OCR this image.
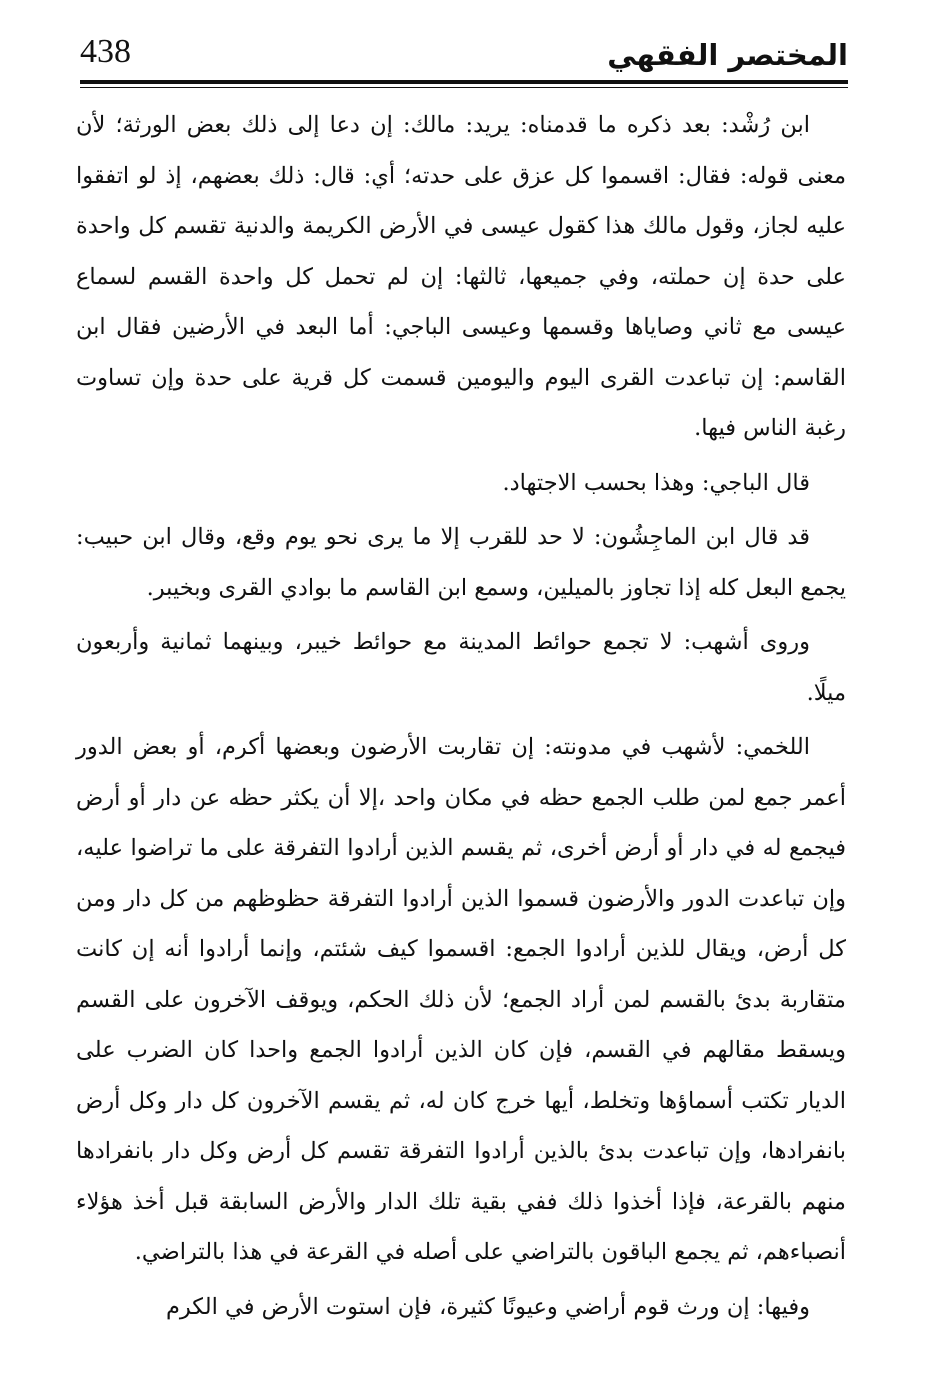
438	المختصر الفقهي

ابن رُشْد: بعد ذكره ما قدمناه: يريد: مالك: إن دعا إلى ذلك بعض الورثة؛ لأن معنى قوله: فقال: اقسموا كل عزق على حدته؛ أي: قال: ذلك بعضهم، إذ لو اتفقوا عليه لجاز، وقول مالك هذا كقول عيسى في الأرض الكريمة والدنية تقسم كل واحدة على حدة إن حملته، وفي جميعها، ثالثها: إن لم تحمل كل واحدة القسم لسماع عيسى مع ثاني وصاياها وقسمها وعيسى الباجي: أما البعد في الأرضين فقال ابن القاسم: إن تباعدت القرى اليوم واليومين قسمت كل قرية على حدة وإن تساوت رغبة الناس فيها.

قال الباجي: وهذا بحسب الاجتهاد.

قد قال ابن الماجِشُون: لا حد للقرب إلا ما يرى نحو يوم وقع، وقال ابن حبيب: يجمع البعل كله إذا تجاوز بالميلين، وسمع ابن القاسم ما بوادي القرى وبخيبر.

وروى أشهب: لا تجمع حوائط المدينة مع حوائط خيبر، وبينهما ثمانية وأربعون ميلًا.

اللخمي: لأشهب في مدونته: إن تقاربت الأرضون وبعضها أكرم، أو بعض الدور أعمر جمع لمن طلب الجمع حظه في مكان واحد ،إلا أن يكثر حظه عن دار أو أرض فيجمع له في دار أو أرض أخرى، ثم يقسم الذين أرادوا التفرقة على ما تراضوا عليه، وإن تباعدت الدور والأرضون قسموا الذين أرادوا التفرقة حظوظهم من كل دار ومن كل أرض، ويقال للذين أرادوا الجمع: اقسموا كيف شئتم، وإنما أرادوا أنه إن كانت متقاربة بدئ بالقسم لمن أراد الجمع؛ لأن ذلك الحكم، ويوقف الآخرون على القسم ويسقط مقالهم في القسم، فإن كان الذين أرادوا الجمع واحدا كان الضرب على الديار تكتب أسماؤها وتخلط، أيها خرج كان له، ثم يقسم الآخرون كل دار وكل أرض بانفرادها، وإن تباعدت بدئ بالذين أرادوا التفرقة تقسم كل أرض وكل دار بانفرادها منهم بالقرعة، فإذا أخذوا ذلك ففي بقية تلك الدار والأرض السابقة قبل أخذ هؤلاء أنصباءهم، ثم يجمع الباقون بالتراضي على أصله في القرعة في هذا بالتراضي.

وفيها: إن ورث قوم أراضي وعيونًا كثيرة، فإن استوت الأرض في الكرم
